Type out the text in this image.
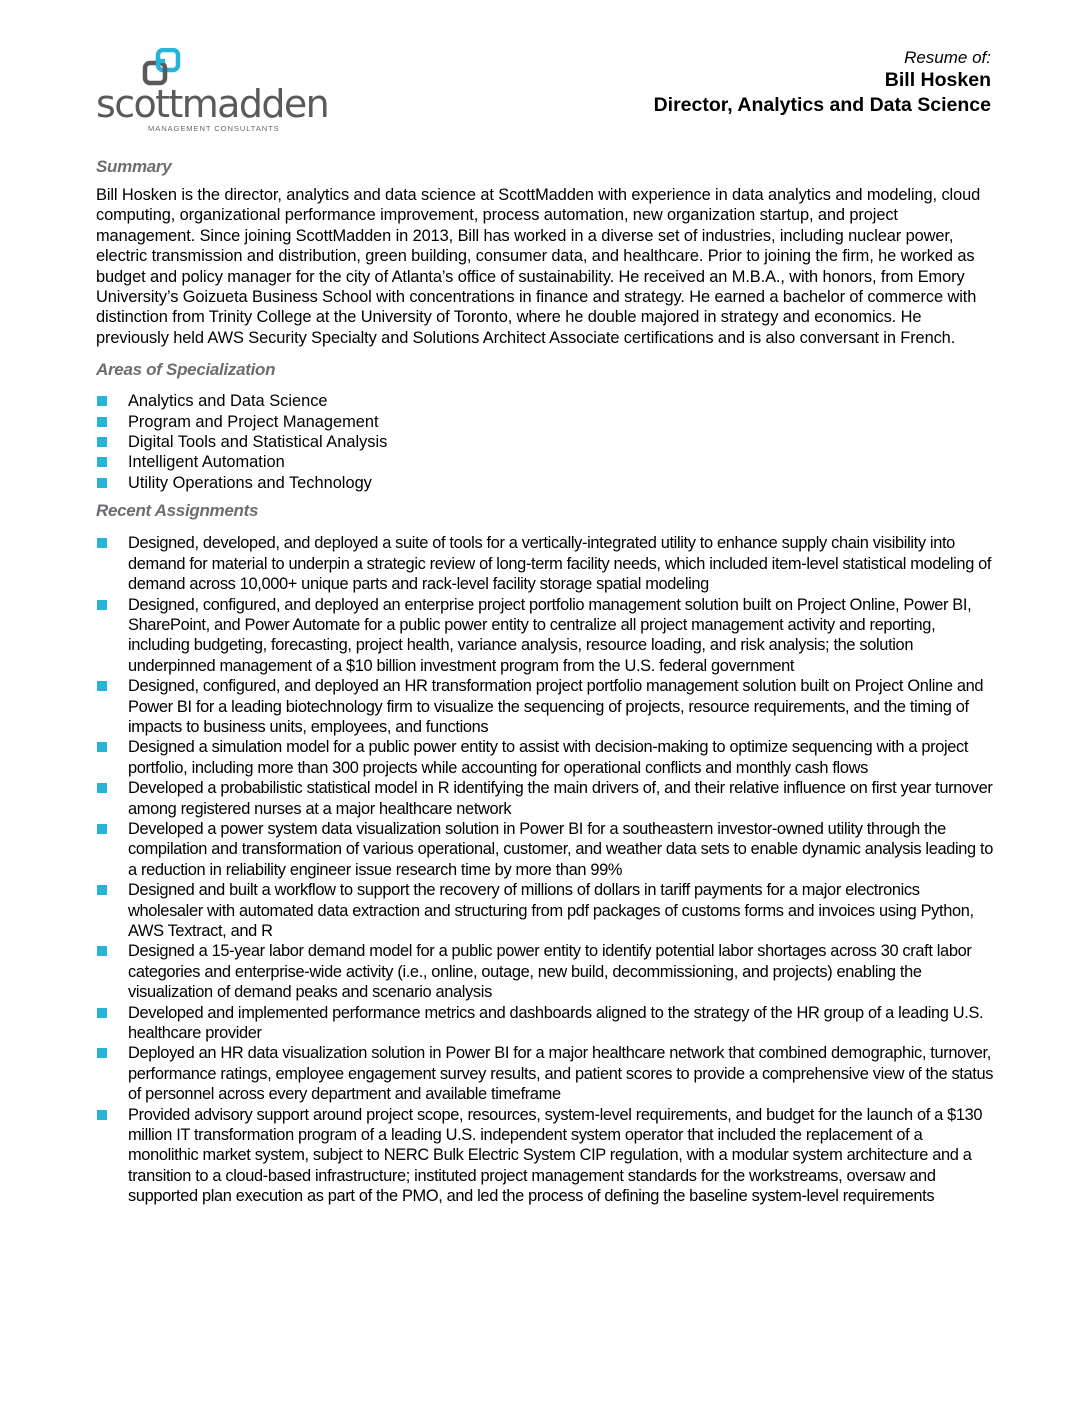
scottmadden
MANAGEMENT CONSULTANTS
Resume of:
Bill Hosken
Director, Analytics and Data Science
Summary

Bill Hosken is the director, analytics and data science at ScottMadden with experience in data analytics and modeling, cloud computing, organizational performance improvement, process automation, new organization startup, and project management. Since joining ScottMadden in 2013, Bill has worked in a diverse set of industries, including nuclear power, electric transmission and distribution, green building, consumer data, and healthcare. Prior to joining the firm, he worked as budget and policy manager for the city of Atlanta’s office of sustainability. He received an M.B.A., with honors, from Emory University’s Goizueta Business School with concentrations in finance and strategy. He earned a bachelor of commerce with distinction from Trinity College at the University of Toronto, where he double majored in strategy and economics. He previously held AWS Security Specialty and Solutions Architect Associate certifications and is also conversant in French.

Areas of Specialization
Analytics and Data Science
Program and Project Management
Digital Tools and Statistical Analysis
Intelligent Automation
Utility Operations and Technology
Recent Assignments
Designed, developed, and deployed a suite of tools for a vertically-integrated utility to enhance supply chain visibility into demand for material to underpin a strategic review of long-term facility needs, which included item-level statistical modeling of demand across 10,000+ unique parts and rack-level facility storage spatial modeling
Designed, configured, and deployed an enterprise project portfolio management solution built on Project Online, Power BI, SharePoint, and Power Automate for a public power entity to centralize all project management activity and reporting, including budgeting, forecasting, project health, variance analysis, resource loading, and risk analysis; the solution underpinned management of a $10 billion investment program from the U.S. federal government
Designed, configured, and deployed an HR transformation project portfolio management solution built on Project Online and Power BI for a leading biotechnology firm to visualize the sequencing of projects, resource requirements, and the timing of impacts to business units, employees, and functions
Designed a simulation model for a public power entity to assist with decision-making to optimize sequencing with a project portfolio, including more than 300 projects while accounting for operational conflicts and monthly cash flows
Developed a probabilistic statistical model in R identifying the main drivers of, and their relative influence on first year turnover among registered nurses at a major healthcare network
Developed a power system data visualization solution in Power BI for a southeastern investor-owned utility through the compilation and transformation of various operational, customer, and weather data sets to enable dynamic analysis leading to a reduction in reliability engineer issue research time by more than 99%
Designed and built a workflow to support the recovery of millions of dollars in tariff payments for a major electronics wholesaler with automated data extraction and structuring from pdf packages of customs forms and invoices using Python, AWS Textract, and R
Designed a 15-year labor demand model for a public power entity to identify potential labor shortages across 30 craft labor categories and enterprise-wide activity (i.e., online, outage, new build, decommissioning, and projects) enabling the visualization of demand peaks and scenario analysis
Developed and implemented performance metrics and dashboards aligned to the strategy of the HR group of a leading U.S. healthcare provider
Deployed an HR data visualization solution in Power BI for a major healthcare network that combined demographic, turnover, performance ratings, employee engagement survey results, and patient scores to provide a comprehensive view of the status of personnel across every department and available timeframe
Provided advisory support around project scope, resources, system-level requirements, and budget for the launch of a $130 million IT transformation program of a leading U.S. independent system operator that included the replacement of a monolithic market system, subject to NERC Bulk Electric System CIP regulation, with a modular system architecture and a transition to a cloud-based infrastructure; instituted project management standards for the workstreams, oversaw and supported plan execution as part of the PMO, and led the process of defining the baseline system-level requirements
